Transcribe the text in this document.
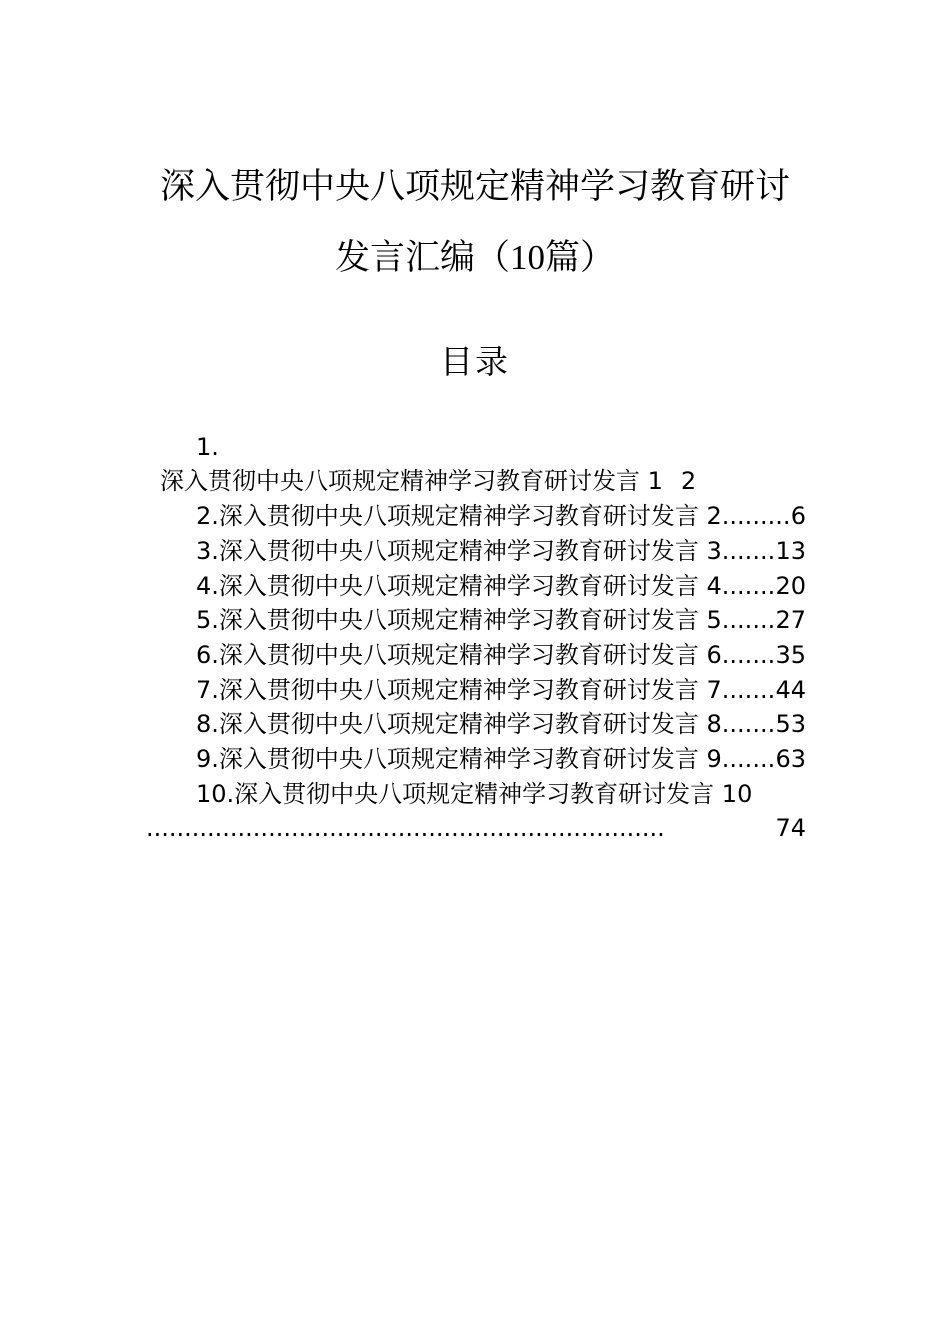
深入贯彻中央八项规定精神学习教育研讨
发言汇编（10篇）
目录
1.
深入贯彻中央八项规定精神学习教育研讨发言 1 2
2.深入贯彻中央八项规定精神学习教育研讨发言 2 .....	6
3.深入贯彻中央八项规定精神学习教育研讨发言 3 ..... 13
4.深入贯彻中央八项规定精神学习教育研讨发言 4 ..... 20
5.深入贯彻中央八项规定精神学习教育研讨发言 5 ..... 27
6.深入贯彻中央八项规定精神学习教育研讨发言 6 ..... 35
7.深入贯彻中央八项规定精神学习教育研讨发言 7 ..... 44
8.深入贯彻中央八项规定精神学习教育研讨发言 8 ..... 53
9.深入贯彻中央八项规定精神学习教育研讨发言 9 ..... 63
10.深入贯彻中央八项规定精神学习教育研讨发言 10
....................................................................	74
